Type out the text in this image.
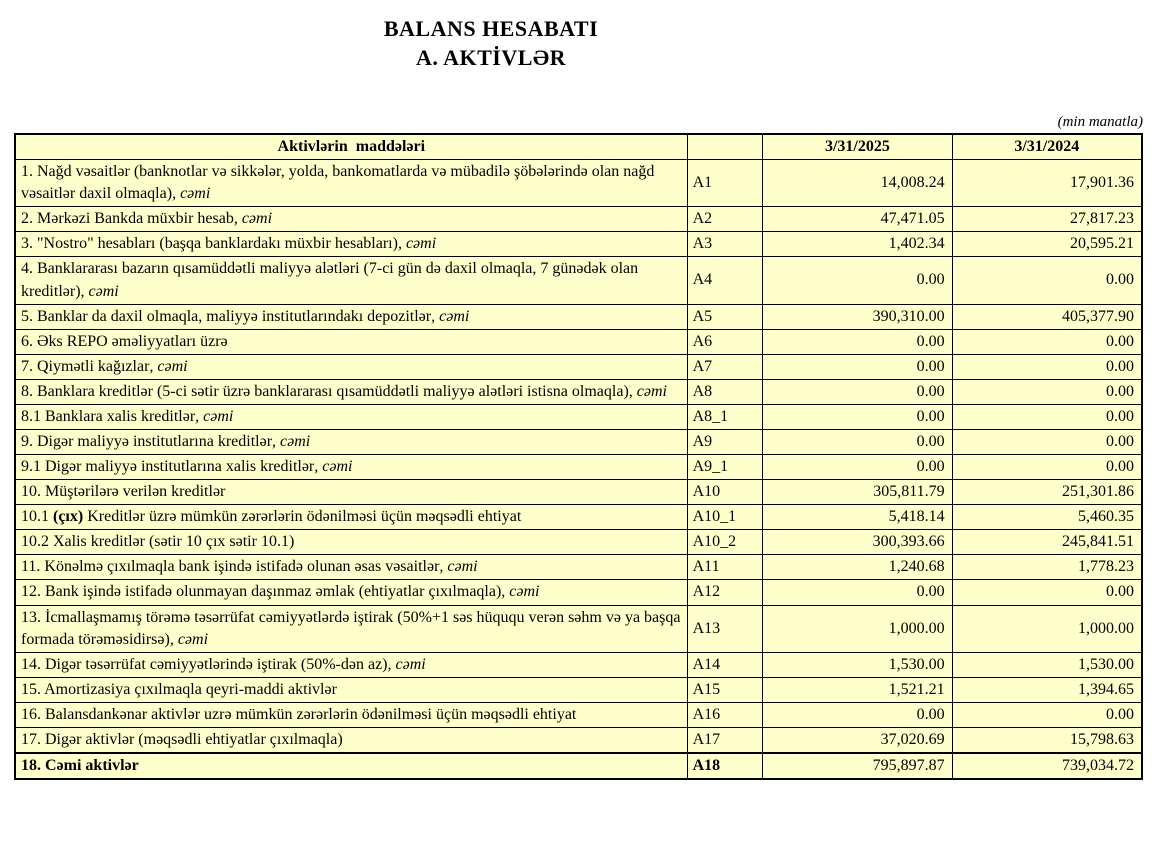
BALANS HESABATI
A. AKTİVLƏR
(min manatla)
Aktivlərin  maddələri		3/31/2025	3/31/2024
1. Nağd vəsaitlər (banknotlar və sikkələr, yolda, bankomatlarda və mübadilə şöbələrində olan nağd vəsaitlər daxil olmaqla), cəmi	A1	14,008.24	17,901.36
2. Mərkəzi Bankda müxbir hesab, cəmi	A2	47,471.05	27,817.23
3. "Nostro" hesabları (başqa banklardakı müxbir hesabları), cəmi	A3	1,402.34	20,595.21
4. Banklararası bazarın qısamüddətli maliyyə alətləri (7-ci gün də daxil olmaqla, 7 günədək olan kreditlər), cəmi	A4	0.00	0.00
5. Banklar da daxil olmaqla, maliyyə institutlarındakı depozitlər, cəmi	A5	390,310.00	405,377.90
6. Əks REPO əməliyyatları üzrə	A6	0.00	0.00
7. Qiymətli kağızlar, cəmi	A7	0.00	0.00
8. Banklara kreditlər (5-ci sətir üzrə banklararası qısamüddətli maliyyə alətləri istisna olmaqla), cəmi	A8	0.00	0.00
8.1 Banklara xalis kreditlər, cəmi	A8_1	0.00	0.00
9. Digər maliyyə institutlarına kreditlər, cəmi	A9	0.00	0.00
9.1 Digər maliyyə institutlarına xalis kreditlər, cəmi	A9_1	0.00	0.00
10. Müştərilərə verilən kreditlər	A10	305,811.79	251,301.86
10.1 (çıx) Kreditlər üzrə mümkün zərərlərin ödənilməsi üçün məqsədli ehtiyat	A10_1	5,418.14	5,460.35
10.2 Xalis kreditlər (sətir 10 çıx sətir 10.1)	A10_2	300,393.66	245,841.51
11. Könəlmə çıxılmaqla bank işində istifadə olunan əsas vəsaitlər, cəmi	A11	1,240.68	1,778.23
12. Bank işində istifadə olunmayan daşınmaz əmlak (ehtiyatlar çıxılmaqla), cəmi	A12	0.00	0.00
13. İcmallaşmamış törəmə təsərrüfat cəmiyyətlərdə iştirak (50%+1 səs hüququ verən səhm və ya başqa formada törəməsidirsə), cəmi	A13	1,000.00	1,000.00
14. Digər təsərrüfat cəmiyyətlərində iştirak (50%-dən az), cəmi	A14	1,530.00	1,530.00
15. Amortizasiya çıxılmaqla qeyri-maddi aktivlər	A15	1,521.21	1,394.65
16. Balansdankənar aktivlər uzrə mümkün zərərlərin ödənilməsi üçün məqsədli ehtiyat	A16	0.00	0.00
17. Digər aktivlər (məqsədli ehtiyatlar çıxılmaqla)	A17	37,020.69	15,798.63
18. Cəmi aktivlər	A18	795,897.87	739,034.72
